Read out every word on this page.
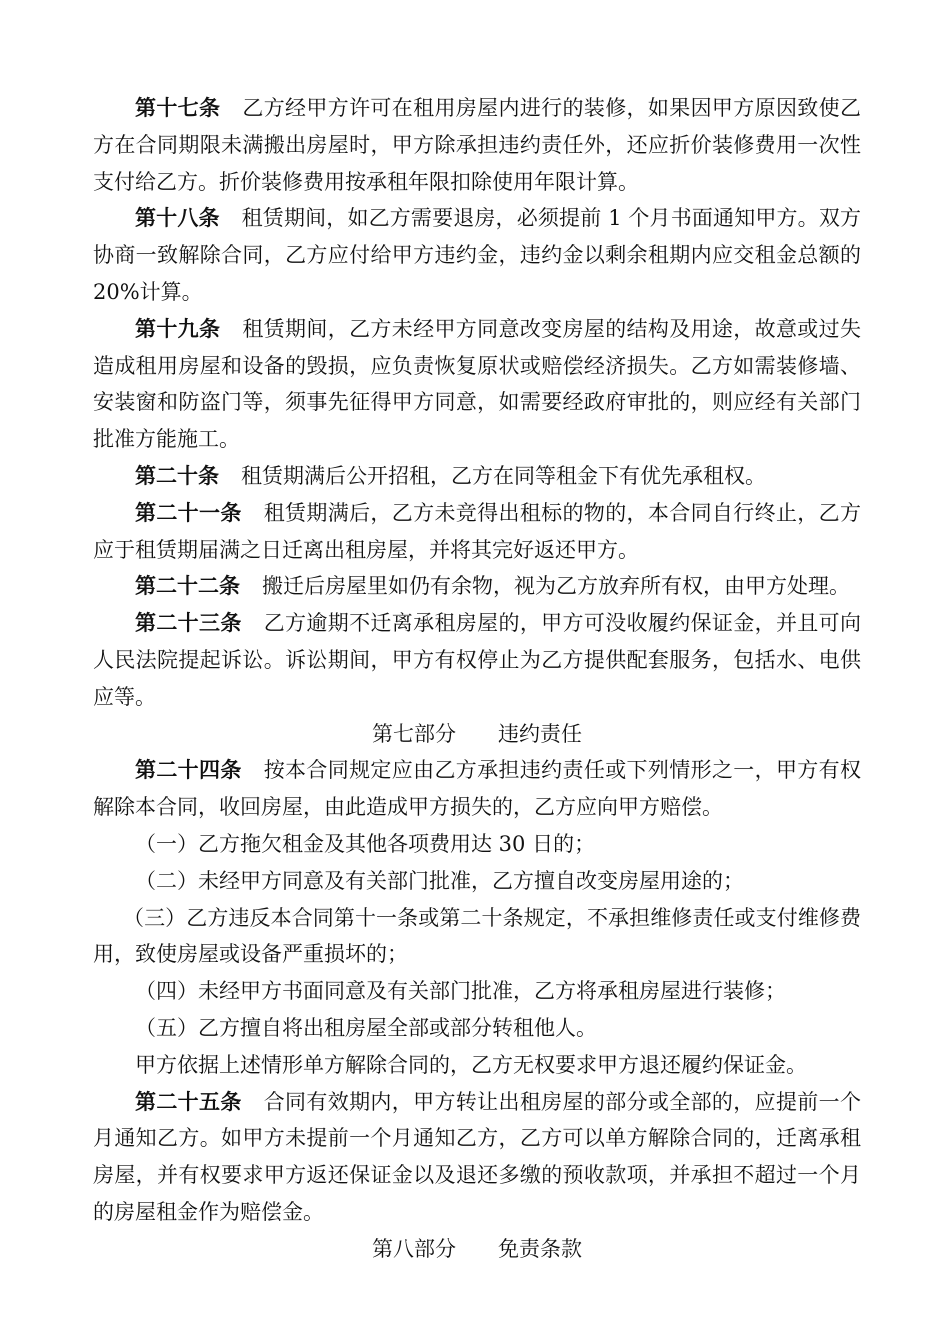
第十七条 乙方经甲方许可在租用房屋内进行的装修，如果因甲方原因致使乙方在合同期限未满搬出房屋时，甲方除承担违约责任外，还应折价装修费用一次性支付给乙方。折价装修费用按承租年限扣除使用年限计算。

第十八条 租赁期间，如乙方需要退房，必须提前 1 个月书面通知甲方。双方协商一致解除合同，乙方应付给甲方违约金，违约金以剩余租期内应交租金总额的 20%计算。

第十九条 租赁期间，乙方未经甲方同意改变房屋的结构及用途，故意或过失造成租用房屋和设备的毁损，应负责恢复原状或赔偿经济损失。乙方如需装修墙、安装窗和防盗门等，须事先征得甲方同意，如需要经政府审批的，则应经有关部门批准方能施工。

第二十条 租赁期满后公开招租，乙方在同等租金下有优先承租权。

第二十一条 租赁期满后，乙方未竞得出租标的物的，本合同自行终止，乙方应于租赁期届满之日迁离出租房屋，并将其完好返还甲方。

第二十二条 搬迁后房屋里如仍有余物，视为乙方放弃所有权，由甲方处理。

第二十三条 乙方逾期不迁离承租房屋的，甲方可没收履约保证金，并且可向人民法院提起诉讼。诉讼期间，甲方有权停止为乙方提供配套服务，包括水、电供应等。

第七部分 违约责任

第二十四条 按本合同规定应由乙方承担违约责任或下列情形之一，甲方有权解除本合同，收回房屋，由此造成甲方损失的，乙方应向甲方赔偿。

（一）乙方拖欠租金及其他各项费用达 30 日的；

（二）未经甲方同意及有关部门批准，乙方擅自改变房屋用途的；

（三）乙方违反本合同第十一条或第二十条规定，不承担维修责任或支付维修费用，致使房屋或设备严重损坏的；

（四）未经甲方书面同意及有关部门批准，乙方将承租房屋进行装修；

（五）乙方擅自将出租房屋全部或部分转租他人。

甲方依据上述情形单方解除合同的，乙方无权要求甲方退还履约保证金。

第二十五条 合同有效期内，甲方转让出租房屋的部分或全部的，应提前一个月通知乙方。如甲方未提前一个月通知乙方，乙方可以单方解除合同的，迁离承租房屋，并有权要求甲方返还保证金以及退还多缴的预收款项，并承担不超过一个月的房屋租金作为赔偿金。

第八部分 免责条款
